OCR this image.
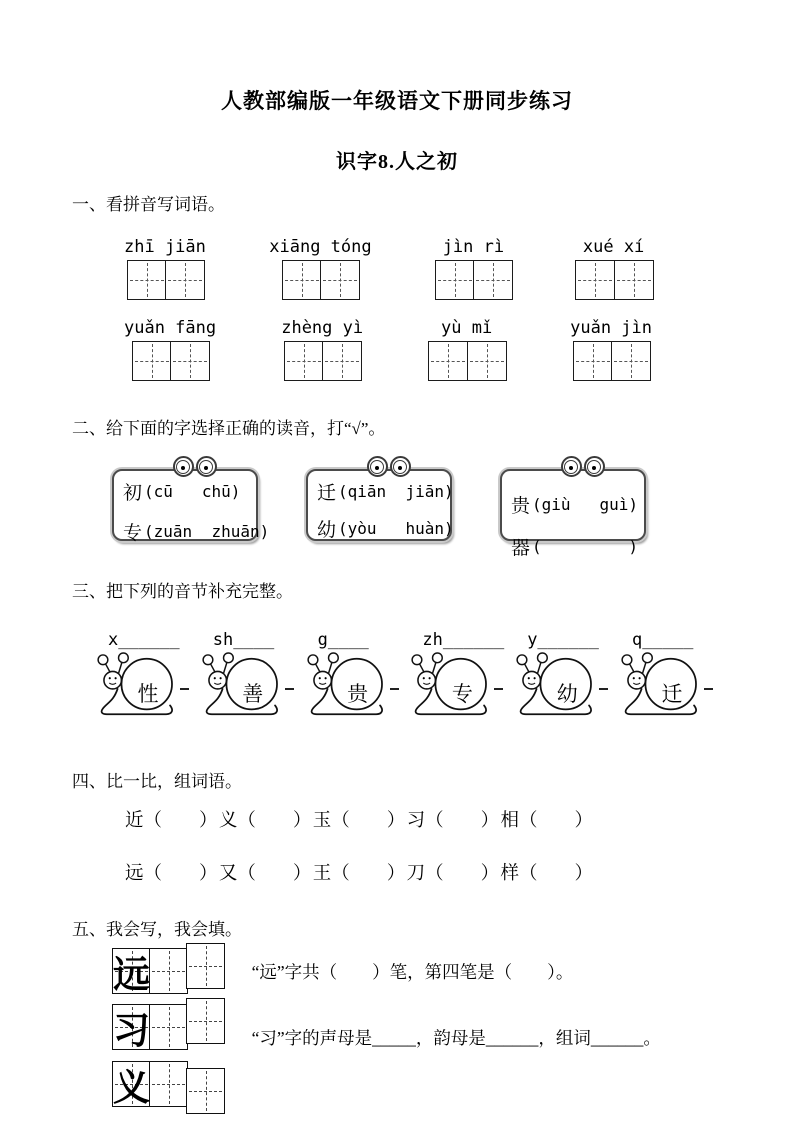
人教部编版一年级语文下册同步练习
识字8.人之初
一、看拼音写词语。
zhī jiān	xiāng tóng	jìn rì	xué xí
yuǎn fāng	zhèng yì	yù mǐ	yuǎn jìn
二、给下面的字选择正确的读音，打“√”。
初 (cū   chū)
专 (zuān  zhuān)
迁 (qiān  jiān)
幼 (yòu   huàn)
贵 (giù   guì)
器 (         )
三、把下列的音节补充完整。
x______
性
sh____
善
g____
贵
zh______
专
y______
幼
q_____
迁
四、比一比，组词语。
近（　　） 义（　　） 玉（　　） 习（　　） 相（　　）
远（　　） 又（　　） 王（　　） 刀（　　） 样（　　）
五、我会写，我会填。
远	“远”字共（　　）笔，第四笔是（　　）。
习	“习”字的声母是_____，韵母是______，组词______。
义
